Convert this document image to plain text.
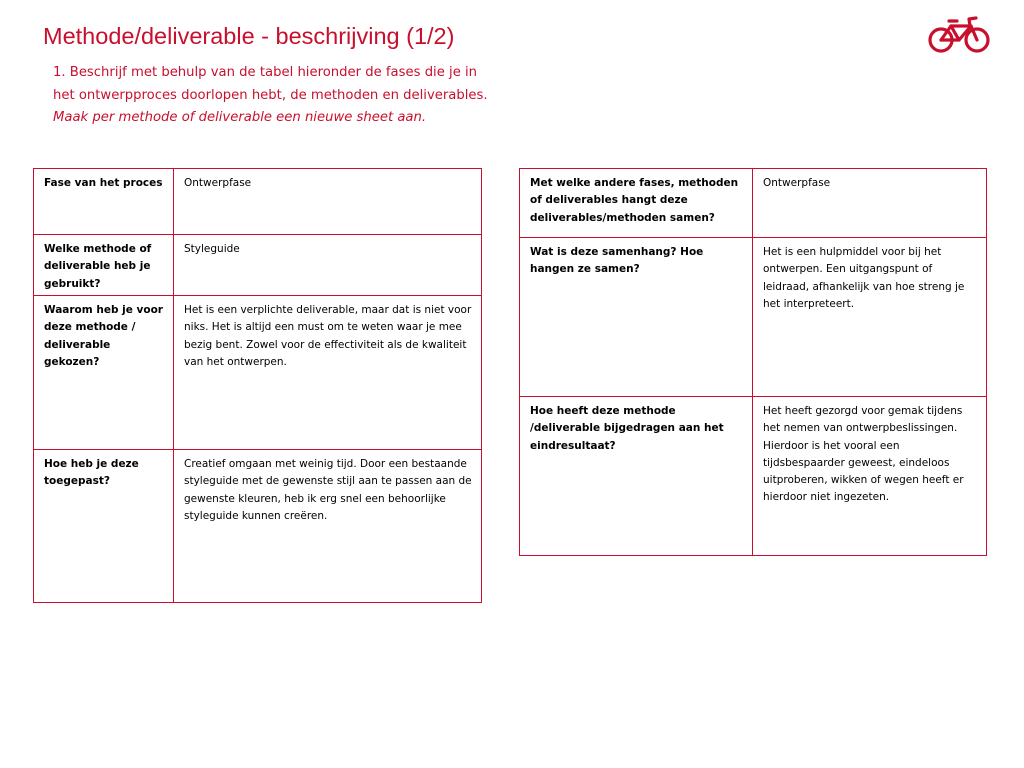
Methode/deliverable - beschrijving (1/2)

1. Beschrijf met behulp van de tabel hieronder de fases die je in het ontwerpproces doorlopen hebt, de methoden en deliverables. Maak per methode of deliverable een nieuwe sheet aan.

Fase van het proces	Ontwerpfase
Welke methode of deliverable heb je gebruikt?	Styleguide
Waarom heb je voor deze methode / deliverable gekozen?	Het is een verplichte deliverable, maar dat is niet voor niks. Het is altijd een must om te weten waar je mee bezig bent. Zowel voor de effectiviteit als de kwaliteit van het ontwerpen.
Hoe heb je deze toegepast?	Creatief omgaan met weinig tijd. Door een bestaande styleguide met de gewenste stijl aan te passen aan de gewenste kleuren, heb ik erg snel een behoorlijke styleguide kunnen creëren.
Met welke andere fases, methoden of deliverables hangt deze deliverables/methoden samen?	Ontwerpfase
Wat is deze samenhang? Hoe hangen ze samen?	Het is een hulpmiddel voor bij het ontwerpen. Een uitgangspunt of leidraad, afhankelijk van hoe streng je het interpreteert.
Hoe heeft deze methode /deliverable bijgedragen aan het eindresultaat?	Het heeft gezorgd voor gemak tijdens het nemen van ontwerpbeslissingen. Hierdoor is het vooral een tijdsbespaarder geweest, eindeloos uitproberen, wikken of wegen heeft er hierdoor niet ingezeten.
